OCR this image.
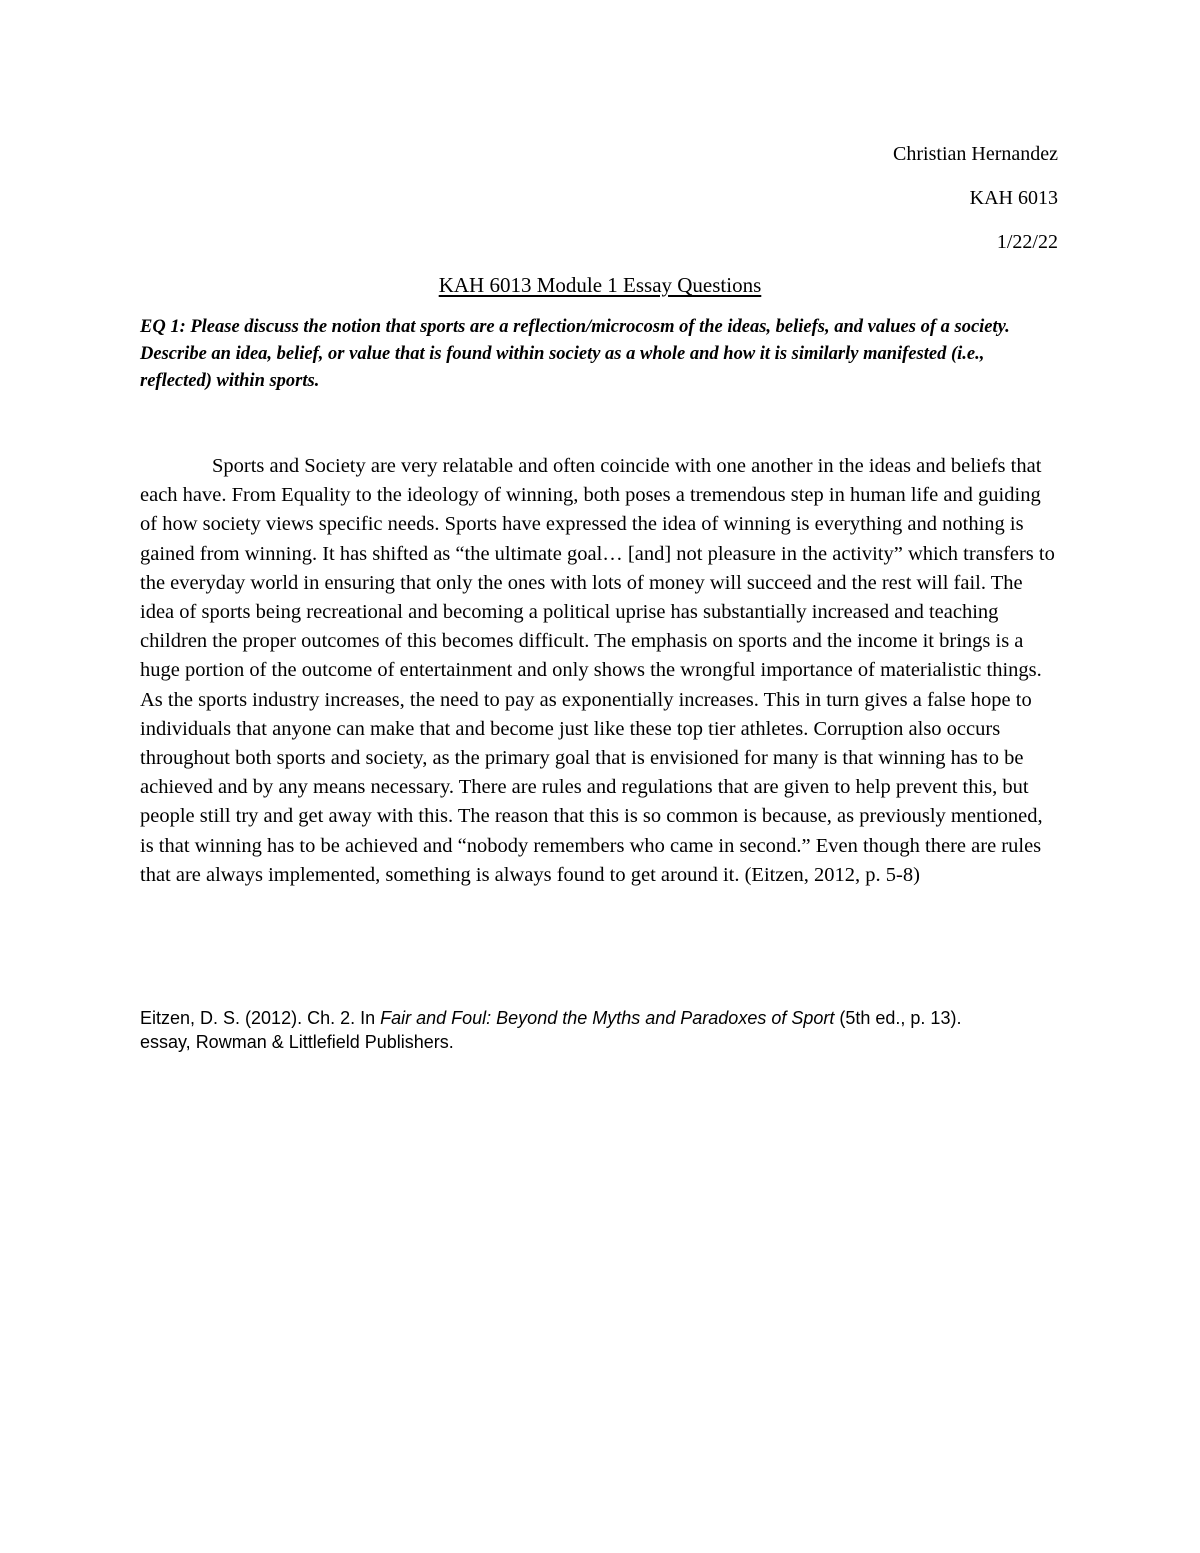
Christian Hernandez
KAH 6013
1/22/22
KAH 6013 Module 1 Essay Questions

EQ 1: Please discuss the notion that sports are a reflection/microcosm of the ideas, beliefs, and values of a society. Describe an idea, belief, or value that is found within society as a whole and how it is similarly manifested (i.e., reflected) within sports.

Sports and Society are very relatable and often coincide with one another in the ideas and beliefs that each have. From Equality to the ideology of winning, both poses a tremendous step in human life and guiding of how society views specific needs. Sports have expressed the idea of winning is everything and nothing is gained from winning. It has shifted as “the ultimate goal… [and] not pleasure in the activity” which transfers to the everyday world in ensuring that only the ones with lots of money will succeed and the rest will fail. The idea of sports being recreational and becoming a political uprise has substantially increased and teaching children the proper outcomes of this becomes difficult. The emphasis on sports and the income it brings is a huge portion of the outcome of entertainment and only shows the wrongful importance of materialistic things. As the sports industry increases, the need to pay as exponentially increases. This in turn gives a false hope to individuals that anyone can make that and become just like these top tier athletes. Corruption also occurs throughout both sports and society, as the primary goal that is envisioned for many is that winning has to be achieved and by any means necessary. There are rules and regulations that are given to help prevent this, but people still try and get away with this. The reason that this is so common is because, as previously mentioned, is that winning has to be achieved and “nobody remembers who came in second.” Even though there are rules that are always implemented, something is always found to get around it. (Eitzen, 2012, p. 5-8)

Eitzen, D. S. (2012). Ch. 2. In Fair and Foul: Beyond the Myths and Paradoxes of Sport (5th ed., p. 13).

essay, Rowman & Littlefield Publishers.
